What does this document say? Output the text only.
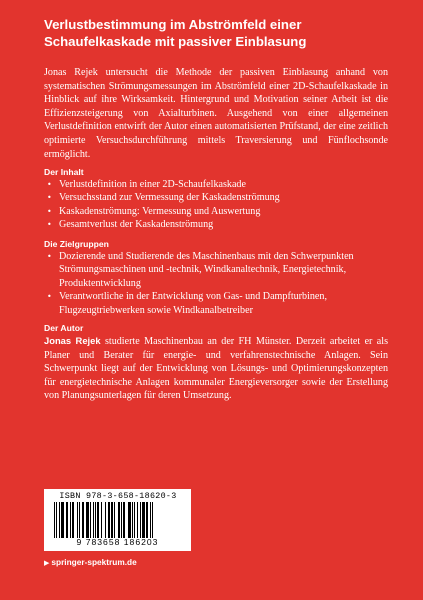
Verlustbestimmung im Abströmfeld einer Schaufelkaskade mit passiver Einblasung

Jonas Rejek untersucht die Methode der passiven Einblasung anhand von systematischen Strömungsmessungen im Abströmfeld einer 2D-Schaufelkaskade in Hinblick auf ihre Wirksamkeit. Hintergrund und Motivation seiner Arbeit ist die Effizienzsteigerung von Axialturbinen. Ausgehend von einer allgemeinen Verlustdefinition entwirft der Autor einen automatisierten Prüfstand, der eine zeitlich optimierte Versuchsdurchführung mittels Traversierung und Fünflochsonde ermöglicht.

Der Inhalt
• Verlustdefinition in einer 2D-Schaufelkaskade
• Versuchsstand zur Vermessung der Kaskadenströmung
• Kaskadenströmung: Vermessung und Auswertung
• Gesamtverlust der Kaskadenströmung
Die Zielgruppen
• Dozierende und Studierende des Maschinenbaus mit den Schwerpunkten Strömungsmaschinen und -technik, Windkanaltechnik, Energietechnik, Produktentwicklung
• Verantwortliche in der Entwicklung von Gas- und Dampfturbinen, Flugzeugtriebwerken sowie Windkanalbetreiber
Der Autor

Jonas Rejek studierte Maschinenbau an der FH Münster. Derzeit arbeitet er als Planer und Berater für energie- und verfahrenstechnische Anlagen. Sein Schwerpunkt liegt auf der Entwicklung von Lösungs- und Optimierungskonzepten für energietechnische Anlagen kommunaler Energieversorger sowie der Erstellung von Planungsunterlagen für deren Umsetzung.

ISBN 978-3-658-18620-3
9 783658 186203
▶ springer-spektrum.de
